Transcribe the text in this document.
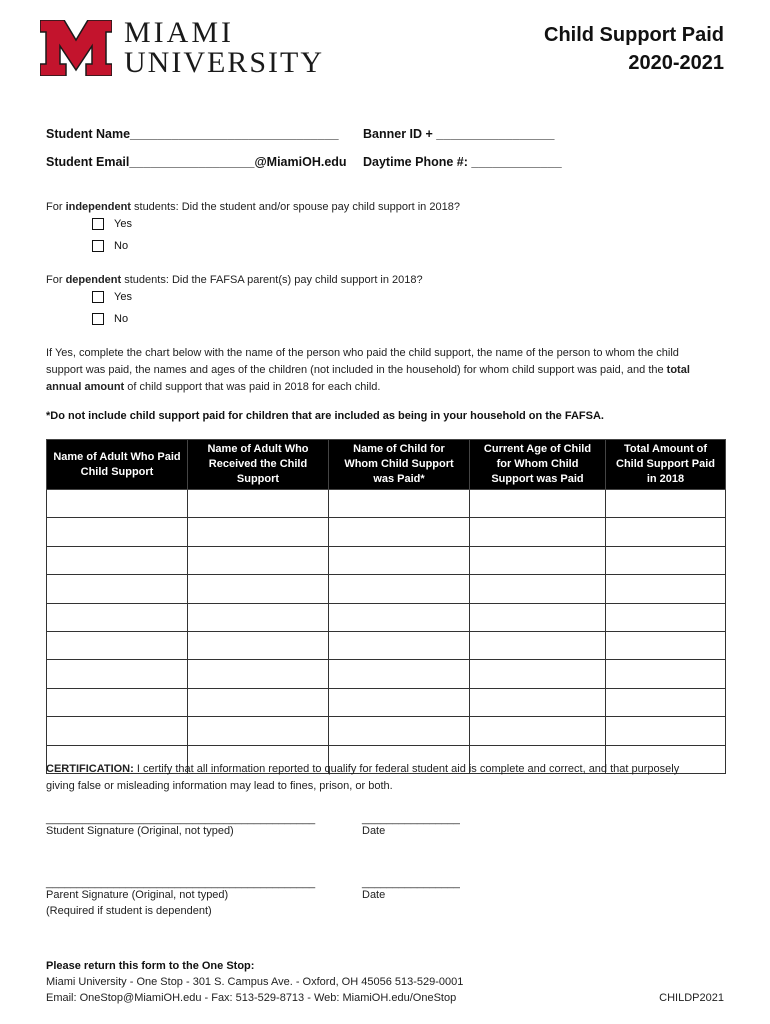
MIAMI
UNIVERSITY
Child Support Paid
2020-2021
Student Name______________________________ Banner ID + _________________
Student Email__________________@MiamiOH.edu Daytime Phone #: _____________
For independent students: Did the student and/or spouse pay child support in 2018?
Yes
No
For dependent students: Did the FAFSA parent(s) pay child support in 2018?
Yes
No
If Yes, complete the chart below with the name of the person who paid the child support, the name of the person to whom the child support was paid, the names and ages of the children (not included in the household) for whom child support was paid, and the total annual amount of child support that was paid in 2018 for each child.
*Do not include child support paid for children that are included as being in your household on the FAFSA.
Name of Adult Who Paid Child Support	Name of Adult Who Received the Child Support	Name of Child for Whom Child Support was Paid*	Current Age of Child for Whom Child Support was Paid	Total Amount of Child Support Paid in 2018

CERTIFICATION: I certify that all information reported to qualify for federal student aid is complete and correct, and that purposely giving false or misleading information may lead to fines, prison, or both.
____________________________________________
Student Signature (Original, not typed)
________________
Date
____________________________________________
Parent Signature (Original, not typed)
(Required if student is dependent)
________________
Date
Please return this form to the One Stop:
Miami University - One Stop - 301 S. Campus Ave. - Oxford, OH 45056 513-529-0001
Email: OneStop@MiamiOH.edu - Fax: 513-529-8713 - Web: MiamiOH.edu/OneStop	CHILDP2021
